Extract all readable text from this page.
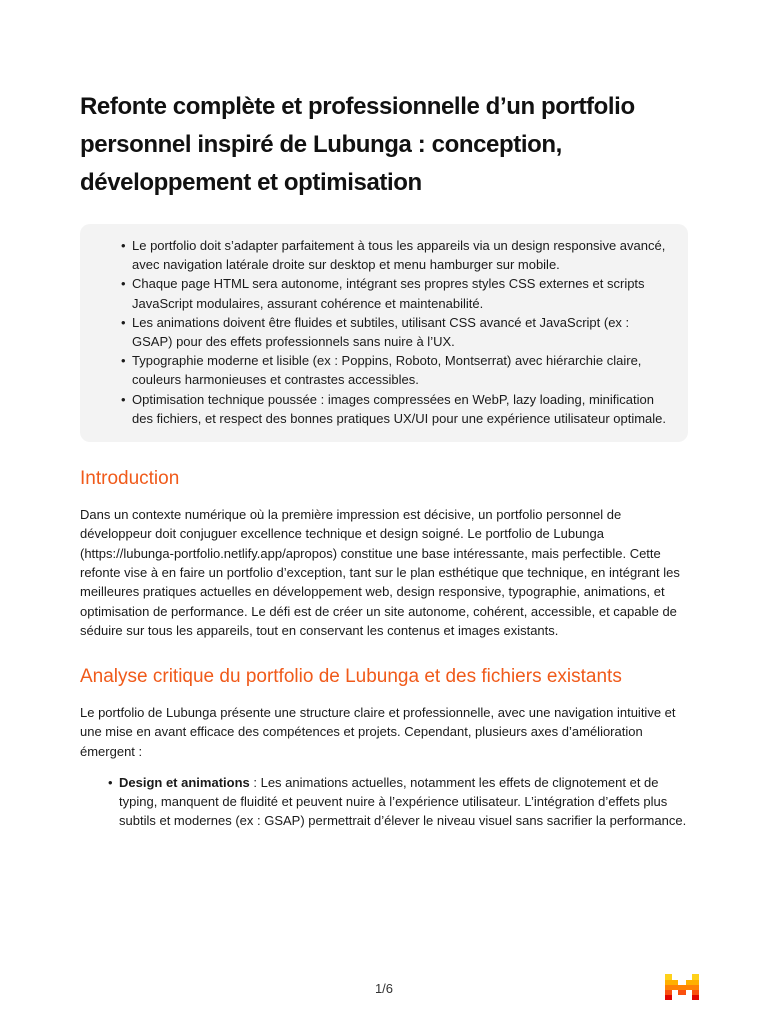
Refonte complète et professionnelle d’un portfolio personnel inspiré de Lubunga : conception, développement et optimisation
• Le portfolio doit s’adapter parfaitement à tous les appareils via un design responsive avancé, avec navigation latérale droite sur desktop et menu hamburger sur mobile.
• Chaque page HTML sera autonome, intégrant ses propres styles CSS externes et scripts JavaScript modulaires, assurant cohérence et maintenabilité.
• Les animations doivent être fluides et subtiles, utilisant CSS avancé et JavaScript (ex : GSAP) pour des effets professionnels sans nuire à l’UX.
• Typographie moderne et lisible (ex : Poppins, Roboto, Montserrat) avec hiérarchie claire, couleurs harmonieuses et contrastes accessibles.
• Optimisation technique poussée : images compressées en WebP, lazy loading, minification des fichiers, et respect des bonnes pratiques UX/UI pour une expérience utilisateur optimale.
Introduction

Dans un contexte numérique où la première impression est décisive, un portfolio personnel de développeur doit conjuguer excellence technique et design soigné. Le portfolio de Lubunga (https://lubunga-portfolio.netlify.app/apropos) constitue une base intéressante, mais perfectible. Cette refonte vise à en faire un portfolio d’exception, tant sur le plan esthétique que technique, en intégrant les meilleures pratiques actuelles en développement web, design responsive, typographie, animations, et optimisation de performance. Le défi est de créer un site autonome, cohérent, accessible, et capable de séduire sur tous les appareils, tout en conservant les contenus et images existants.

Analyse critique du portfolio de Lubunga et des fichiers existants

Le portfolio de Lubunga présente une structure claire et professionnelle, avec une navigation intuitive et une mise en avant efficace des compétences et projets. Cependant, plusieurs axes d’amélioration émergent :

• Design et animations : Les animations actuelles, notamment les effets de clignotement et de typing, manquent de fluidité et peuvent nuire à l’expérience utilisateur. L’intégration d’effets plus subtils et modernes (ex : GSAP) permettrait d’élever le niveau visuel sans sacrifier la performance.
1/6
